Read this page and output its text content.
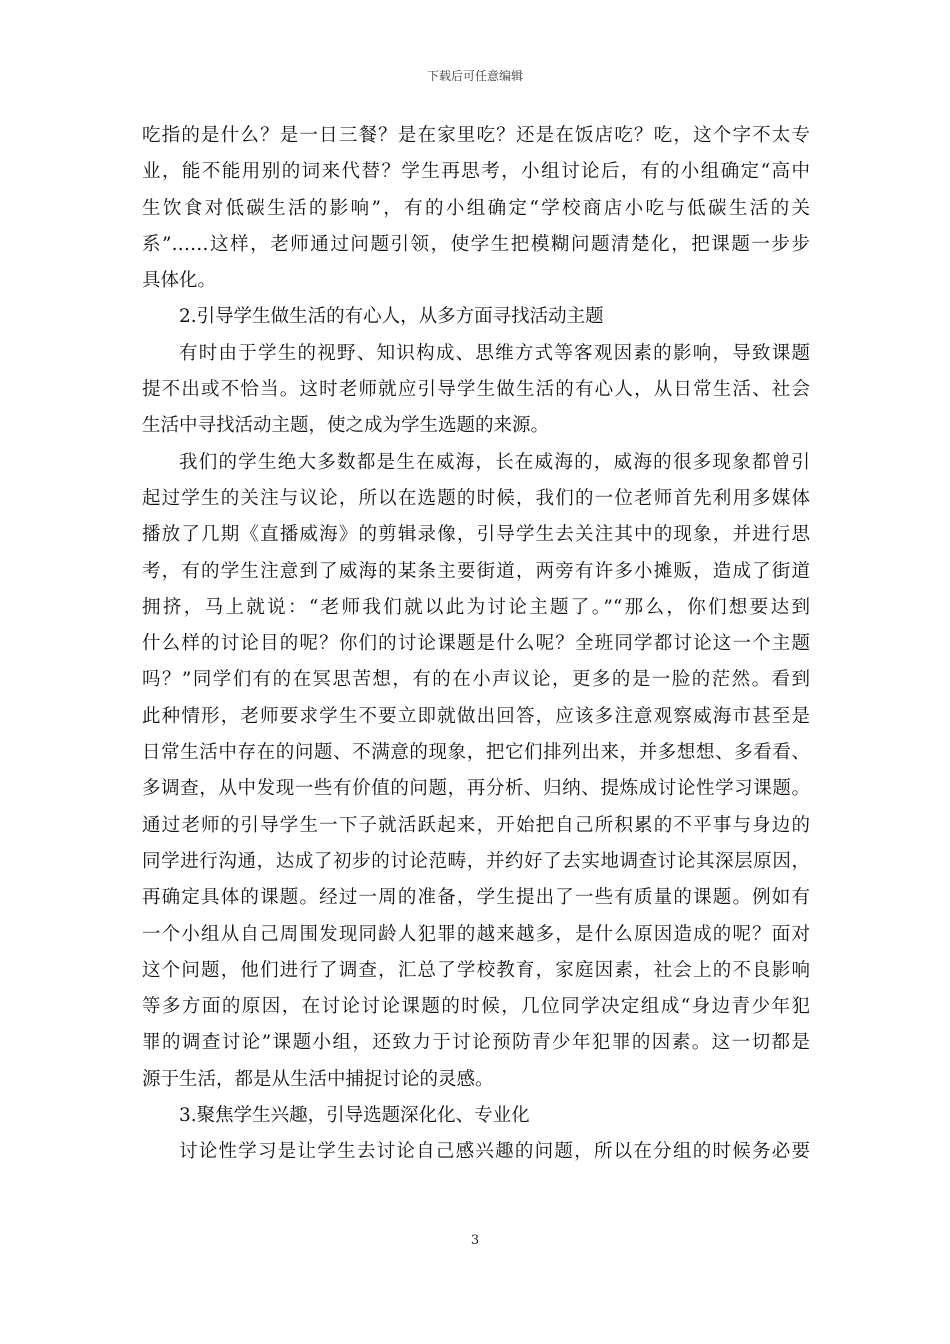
下载后可任意编辑
吃指的是什么？是一日三餐？是在家里吃？还是在饭店吃？吃，这个字不太专
业，能不能用别的词来代替？学生再思考，小组讨论后，有的小组确定“高中
生饮食对低碳生活的影响”，有的小组确定“学校商店小吃与低碳生活的关
系”……这样，老师通过问题引领，使学生把模糊问题清楚化，把课题一步步
具体化。
2.引导学生做生活的有心人，从多方面寻找活动主题
有时由于学生的视野、知识构成、思维方式等客观因素的影响，导致课题
提不出或不恰当。这时老师就应引导学生做生活的有心人，从日常生活、社会
生活中寻找活动主题，使之成为学生选题的来源。
我们的学生绝大多数都是生在威海，长在威海的，威海的很多现象都曾引
起过学生的关注与议论，所以在选题的时候，我们的一位老师首先利用多媒体
播放了几期《直播威海》的剪辑录像，引导学生去关注其中的现象，并进行思
考，有的学生注意到了威海的某条主要街道，两旁有许多小摊贩，造成了街道
拥挤，马上就说：“老师我们就以此为讨论主题了。”“那么，你们想要达到
什么样的讨论目的呢？你们的讨论课题是什么呢？全班同学都讨论这一个主题
吗？”同学们有的在冥思苦想，有的在小声议论，更多的是一脸的茫然。看到
此种情形，老师要求学生不要立即就做出回答，应该多注意观察威海市甚至是
日常生活中存在的问题、不满意的现象，把它们排列出来，并多想想、多看看、
多调查，从中发现一些有价值的问题，再分析、归纳、提炼成讨论性学习课题。
通过老师的引导学生一下子就活跃起来，开始把自己所积累的不平事与身边的
同学进行沟通，达成了初步的讨论范畴，并约好了去实地调查讨论其深层原因，
再确定具体的课题。经过一周的准备，学生提出了一些有质量的课题。例如有
一个小组从自己周围发现同龄人犯罪的越来越多，是什么原因造成的呢？面对
这个问题，他们进行了调查，汇总了学校教育，家庭因素，社会上的不良影响
等多方面的原因，在讨论讨论课题的时候，几位同学决定组成“身边青少年犯
罪的调查讨论”课题小组，还致力于讨论预防青少年犯罪的因素。这一切都是
源于生活，都是从生活中捕捉讨论的灵感。
3.聚焦学生兴趣，引导选题深化化、专业化
讨论性学习是让学生去讨论自己感兴趣的问题，所以在分组的时候务必要
3
